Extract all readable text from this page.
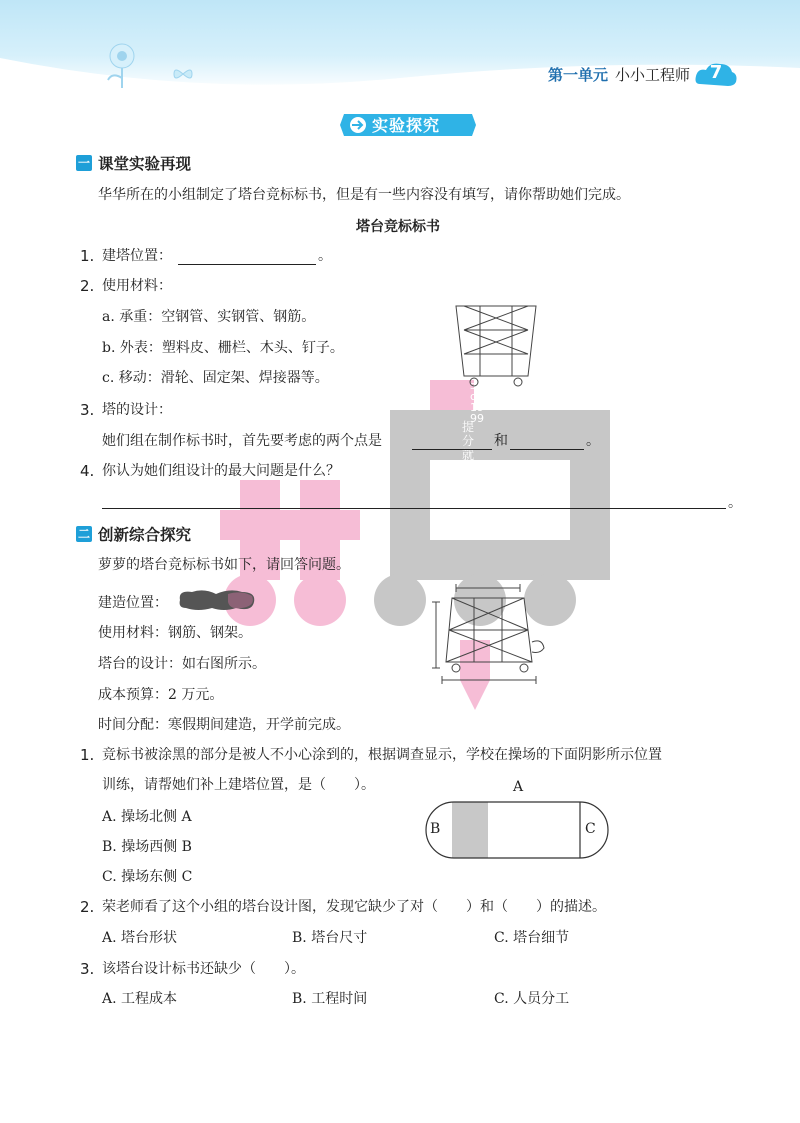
第一单元 小小工程师	7
实验探究
since 1999
提分就用典中点
一 课堂实验再现
华华所在的小组制定了塔台竞标标书，但是有一些内容没有填写，请你帮助她们完成。
塔台竞标标书
1. 建塔位置：	。
2. 使用材料：
a. 承重：空钢管、实钢管、钢筋。
b. 外表：塑料皮、栅栏、木头、钉子。
c. 移动：滑轮、固定架、焊接器等。
3. 塔的设计：
她们组在制作标书时，首先要考虑的两个点是	和	。
4. 你认为她们组设计的最大问题是什么？
。
二 创新综合探究
萝萝的塔台竞标标书如下，请回答问题。
建造位置：
使用材料：钢筋、钢架。
塔台的设计：如右图所示。
成本预算：2 万元。
时间分配：寒假期间建造，开学前完成。
1. 竞标书被涂黑的部分是被人不小心涂到的，根据调查显示，学校在操场的下面阴影所示位置
训练，请帮她们补上建塔位置，是（　　）。
A. 操场北侧 A
B. 操场西侧 B
C. 操场东侧 C
A
B	C
2. 荣老师看了这个小组的塔台设计图，发现它缺少了对（　　）和（　　）的描述。
A. 塔台形状	B. 塔台尺寸	C. 塔台细节
3. 该塔台设计标书还缺少（　　）。
A. 工程成本	B. 工程时间	C. 人员分工
